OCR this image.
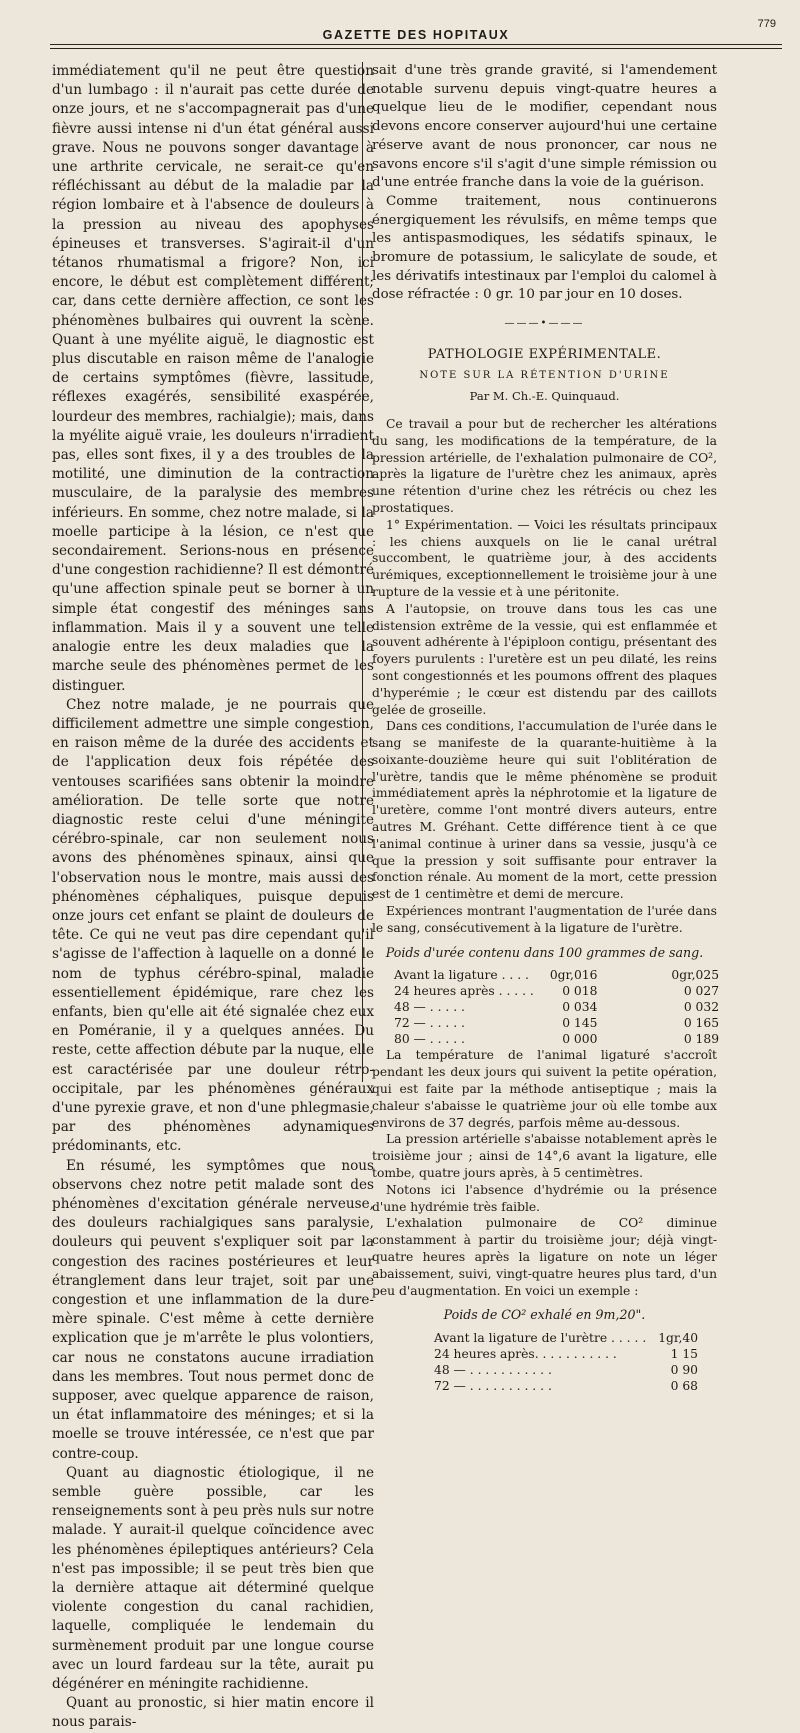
GAZETTE DES HOPITAUX
779

immédiatement qu'il ne peut être question d'un lumbago : il n'aurait pas cette durée de onze jours, et ne s'accompagnerait pas d'une fièvre aussi intense ni d'un état général aussi grave. Nous ne pouvons songer davantage à une arthrite cervicale, ne serait-ce qu'en réfléchissant au début de la maladie par la région lombaire et à l'absence de douleurs à la pression au niveau des apophyses épineuses et transverses. S'agirait-il d'un tétanos rhumatismal a frigore? Non, ici encore, le début est complètement différent; car, dans cette dernière affection, ce sont les phénomènes bulbaires qui ouvrent la scène. Quant à une myélite aiguë, le diagnostic est plus discutable en raison même de l'analogie de certains symptômes (fièvre, lassitude, réflexes exagérés, sensibilité exaspérée, lourdeur des membres, rachialgie); mais, dans la myélite aiguë vraie, les douleurs n'irradient pas, elles sont fixes, il y a des troubles de la motilité, une diminution de la contraction musculaire, de la paralysie des membres inférieurs. En somme, chez notre malade, si la moelle participe à la lésion, ce n'est que secondairement. Serions-nous en présence d'une congestion rachidienne? Il est démontré qu'une affection spinale peut se borner à un simple état congestif des méninges sans inflammation. Mais il y a souvent une telle analogie entre les deux maladies que la marche seule des phénomènes permet de les distinguer.

Chez notre malade, je ne pourrais que difficilement admettre une simple congestion, en raison même de la durée des accidents et de l'application deux fois répétée des ventouses scarifiées sans obtenir la moindre amélioration. De telle sorte que notre diagnostic reste celui d'une méningite cérébro-spinale, car non seulement nous avons des phénomènes spinaux, ainsi que l'observation nous le montre, mais aussi des phénomènes céphaliques, puisque depuis onze jours cet enfant se plaint de douleurs de tête. Ce qui ne veut pas dire cependant qu'il s'agisse de l'affection à laquelle on a donné le nom de typhus cérébro-spinal, maladie essentiellement épidémique, rare chez les enfants, bien qu'elle ait été signalée chez eux en Poméranie, il y a quelques années. Du reste, cette affection débute par la nuque, elle est caractérisée par une douleur rétro-occipitale, par les phénomènes généraux d'une pyrexie grave, et non d'une phlegmasie, par des phénomènes adynamiques prédominants, etc.

En résumé, les symptômes que nous observons chez notre petit malade sont des phénomènes d'excitation générale nerveuse, des douleurs rachialgiques sans paralysie, douleurs qui peuvent s'expliquer soit par la congestion des racines postérieures et leur étranglement dans leur trajet, soit par une congestion et une inflammation de la dure-mère spinale. C'est même à cette dernière explication que je m'arrête le plus volontiers, car nous ne constatons aucune irradiation dans les membres. Tout nous permet donc de supposer, avec quelque apparence de raison, un état inflammatoire des méninges; et si la moelle se trouve intéressée, ce n'est que par contre-coup.

Quant au diagnostic étiologique, il ne semble guère possible, car les renseignements sont à peu près nuls sur notre malade. Y aurait-il quelque coïncidence avec les phénomènes épileptiques antérieurs? Cela n'est pas impossible; il se peut très bien que la dernière attaque ait déterminé quelque violente congestion du canal rachidien, laquelle, compliquée le lendemain du surmènement produit par une longue course avec un lourd fardeau sur la tête, aurait pu dégénérer en méningite rachidienne.

Quant au pronostic, si hier matin encore il nous parais-

sait d'une très grande gravité, si l'amendement notable survenu depuis vingt-quatre heures a quelque lieu de le modifier, cependant nous devons encore conserver aujourd'hui une certaine réserve avant de nous prononcer, car nous ne savons encore s'il s'agit d'une simple rémission ou d'une entrée franche dans la voie de la guérison.

Comme traitement, nous continuerons énergiquement les révulsifs, en même temps que les antispasmodiques, les sédatifs spinaux, le bromure de potassium, le salicylate de soude, et les dérivatifs intestinaux par l'emploi du calomel à dose réfractée : 0 gr. 10 par jour en 10 doses.

———•———
PATHOLOGIE EXPÉRIMENTALE.
NOTE SUR LA RÉTENTION D'URINE
Par M. Ch.-E. Quinquaud.

Ce travail a pour but de rechercher les altérations du sang, les modifications de la température, de la pression artérielle, de l'exhalation pulmonaire de CO², après la ligature de l'urètre chez les animaux, après une rétention d'urine chez les rétrécis ou chez les prostatiques.

1° Expérimentation. — Voici les résultats principaux : les chiens auxquels on lie le canal urétral succombent, le quatrième jour, à des accidents urémiques, exceptionnellement le troisième jour à une rupture de la vessie et à une péritonite.

A l'autopsie, on trouve dans tous les cas une distension extrême de la vessie, qui est enflammée et souvent adhérente à l'épiploon contigu, présentant des foyers purulents : l'uretère est un peu dilaté, les reins sont congestionnés et les poumons offrent des plaques d'hyperémie ; le cœur est distendu par des caillots gelée de groseille.

Dans ces conditions, l'accumulation de l'urée dans le sang se manifeste de la quarante-huitième à la soixante-douzième heure qui suit l'oblitération de l'urètre, tandis que le même phénomène se produit immédiatement après la néphrotomie et la ligature de l'uretère, comme l'ont montré divers auteurs, entre autres M. Gréhant. Cette différence tient à ce que l'animal continue à uriner dans sa vessie, jusqu'à ce que la pression y soit suffisante pour entraver la fonction rénale. Au moment de la mort, cette pression est de 1 centimètre et demi de mercure.

Expériences montrant l'augmentation de l'urée dans le sang, consécutivement à la ligature de l'urètre.

Poids d'urée contenu dans 100 grammes de sang.
Avant la ligature . . . .	0gr,016	0gr,025
24 heures après . . . . .	0 018	0 027
48 — . . . . .	0 034	0 032
72 — . . . . .	0 145	0 165
80 — . . . . .	0 000	0 189

La température de l'animal ligaturé s'accroît pendant les deux jours qui suivent la petite opération, qui est faite par la méthode antiseptique ; mais la chaleur s'abaisse le quatrième jour où elle tombe aux environs de 37 degrés, parfois même au-dessous.

La pression artérielle s'abaisse notablement après le troisième jour ; ainsi de 14°,6 avant la ligature, elle tombe, quatre jours après, à 5 centimètres.

Notons ici l'absence d'hydrémie ou la présence d'une hydrémie très faible.

L'exhalation pulmonaire de CO² diminue constamment à partir du troisième jour; déjà vingt-quatre heures après la ligature on note un léger abaissement, suivi, vingt-quatre heures plus tard, d'un peu d'augmentation. En voici un exemple :

Poids de CO² exhalé en 9m,20".
Avant la ligature de l'urètre . . . . .	1gr,40
24 heures après. . . . . . . . . . .	1 15
48 — . . . . . . . . . . .	0 90
72 — . . . . . . . . . . .	0 68
